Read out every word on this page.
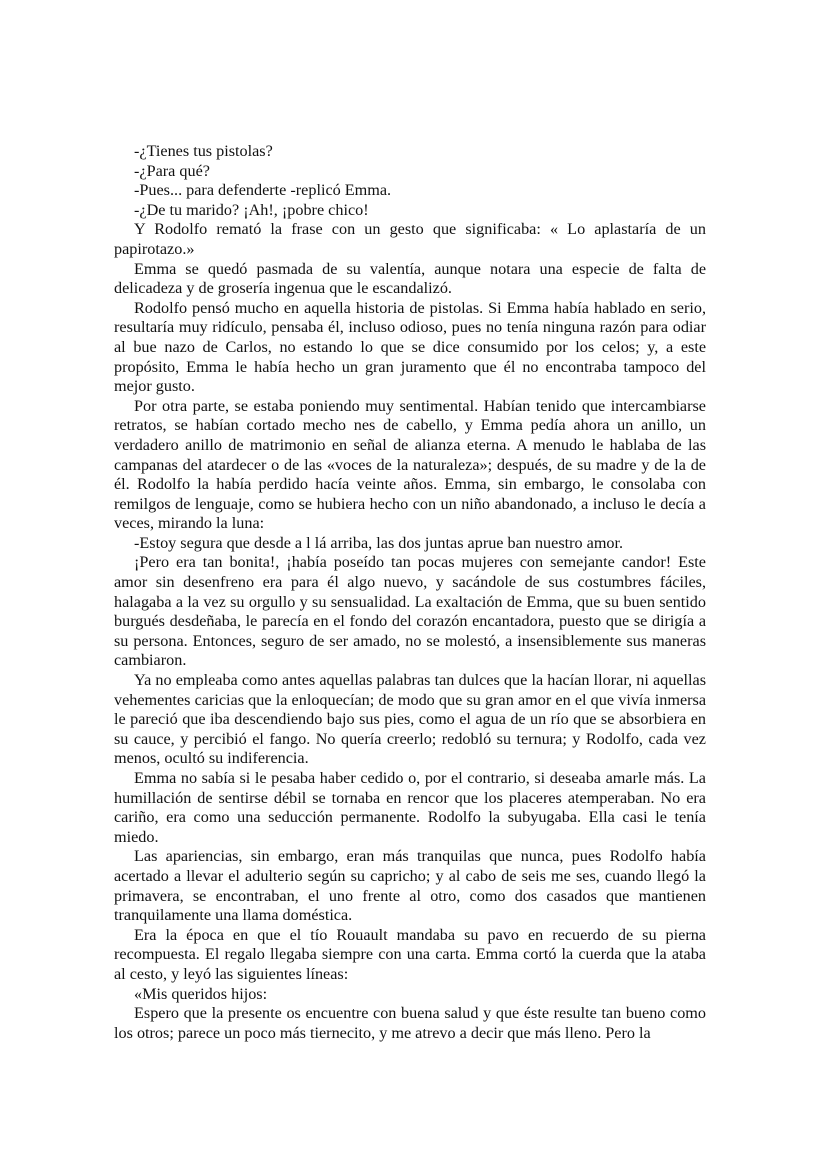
-¿Tienes tus pistolas?

-¿Para qué?

-Pues... para defenderte -replicó Emma.

-¿De tu marido? ¡Ah!, ¡pobre chico!

Y Rodolfo remató la frase con un gesto que significaba: « Lo aplastaría de un papirotazo.»

Emma se quedó pasmada de su valentía, aunque notara una especie de falta de delicadeza y de grosería ingenua que le escandalizó.

Rodolfo pensó mucho en aquella historia de pistolas. Si Emma había hablado en serio, resultaría muy ridículo, pensaba él, incluso odioso, pues no tenía ninguna razón para odiar al bue nazo de Carlos, no estando lo que se dice consumido por los celos; y, a este propósito, Emma le había hecho un gran juramento que él no encontraba tampoco del mejor gusto.

Por otra parte, se estaba poniendo muy sentimental. Habían tenido que intercambiarse retratos, se habían cortado mecho nes de cabello, y Emma pedía ahora un anillo, un verdadero anillo de matrimonio en señal de alianza eterna. A menudo le hablaba de las campanas del atardecer o de las «voces de la naturaleza»; después, de su madre y de la de él. Rodolfo la había perdido hacía veinte años. Emma, sin embargo, le consolaba con remilgos de lenguaje, como se hubiera hecho con un niño abandonado, a incluso le decía a veces, mirando la luna:

-Estoy segura que desde a l lá arriba, las dos juntas aprue ban nuestro amor.

¡Pero era tan bonita!, ¡había poseído tan pocas mujeres con semejante candor! Este amor sin desenfreno era para él algo nuevo, y sacándole de sus costumbres fáciles, halagaba a la vez su orgullo y su sensualidad. La exaltación de Emma, que su buen sentido burgués desdeñaba, le parecía en el fondo del corazón encantadora, puesto que se dirigía a su persona. Entonces, seguro de ser amado, no se molestó, a insensiblemente sus maneras cambiaron.

Ya no empleaba como antes aquellas palabras tan dulces que la hacían llorar, ni aquellas vehementes caricias que la enloquecían; de modo que su gran amor en el que vivía inmersa le pareció que iba descendiendo bajo sus pies, como el agua de un río que se absorbiera en su cauce, y percibió el fango. No quería creerlo; redobló su ternura; y Rodolfo, cada vez menos, ocultó su indiferencia.

Emma no sabía si le pesaba haber cedido o, por el contrario, si deseaba amarle más. La humillación de sentirse débil se tornaba en rencor que los placeres atemperaban. No era cariño, era como una seducción permanente. Rodolfo la subyugaba. Ella casi le tenía miedo.

Las apariencias, sin embargo, eran más tranquilas que nunca, pues Rodolfo había acertado a llevar el adulterio según su capricho; y al cabo de seis me ses, cuando llegó la primavera, se encontraban, el uno frente al otro, como dos casados que mantienen tranquilamente una llama doméstica.

Era la época en que el tío Rouault mandaba su pavo en recuerdo de su pierna recompuesta. El regalo llegaba siempre con una carta. Emma cortó la cuerda que la ataba al cesto, y leyó las siguientes líneas:

«Mis queridos hijos:

Espero que la presente os encuentre con buena salud y que éste resulte tan bueno como los otros; parece un poco más tiernecito, y me atrevo a decir que más lleno. Pero la
